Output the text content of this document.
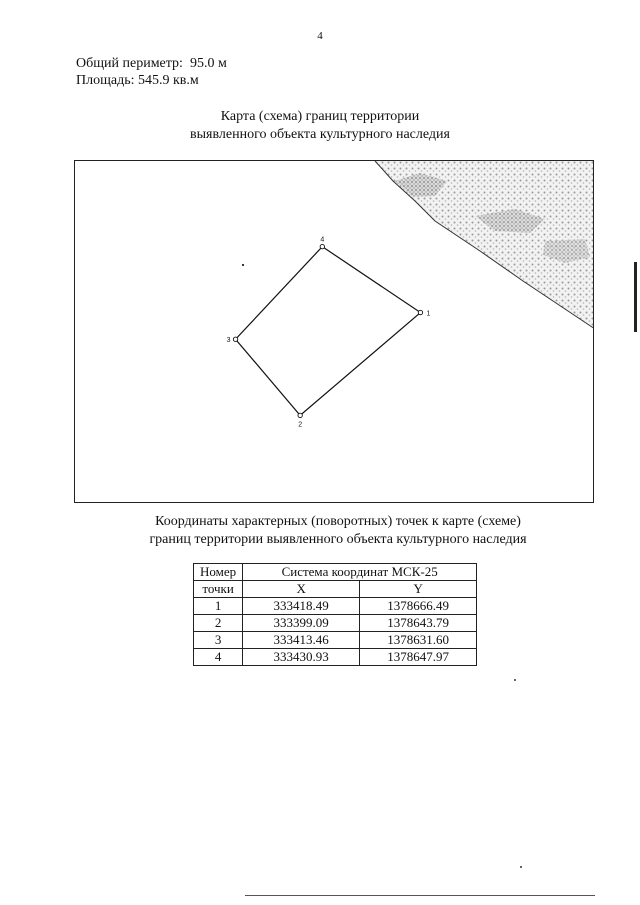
4
Общий периметр:  95.0 м
Площадь: 545.9 кв.м
Карта (схема) границ территории
выявленного объекта культурного наследия
1
2
3
4
Координаты характерных (поворотных) точек к карте (схеме)
границ территории выявленного объекта культурного наследия
Номер	Система координат МСК-25	
точки	X	Y
1	333418.49	1378666.49
2	333399.09	1378643.79
3	333413.46	1378631.60
4	333430.93	1378647.97
